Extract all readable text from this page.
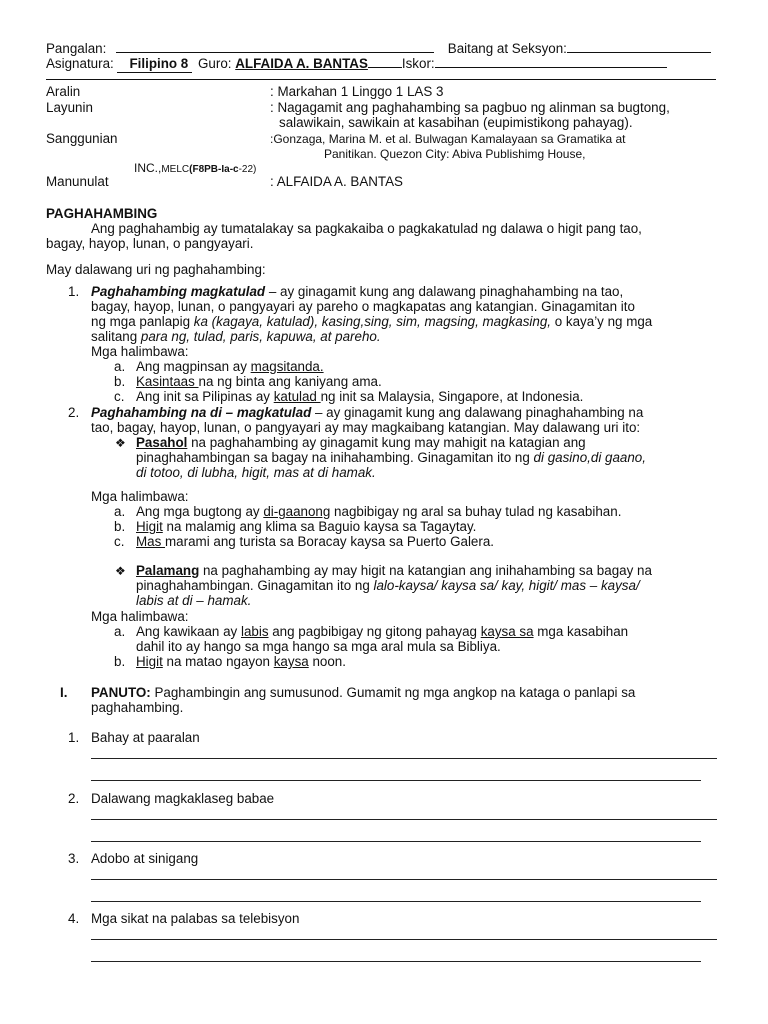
Pangalan:	Baitang at Seksyon:
Asignatura: Filipino 8 Guro: ALFAIDA A. BANTAS	Iskor:
Aralin	: Markahan 1 Linggo 1 LAS 3
Layunin	: Nagagamit ang paghahambing sa pagbuo ng alinman sa bugtong,
salawikain, sawikain at kasabihan (eupimistikong pahayag).
Sanggunian	:Gonzaga, Marina M. et al. Bulwagan Kamalayaan sa Gramatika at
Panitikan. Quezon City: Abiva Publishimg House,
INC.,MELC(F8PB-Ia-c-22)
Manunulat	: ALFAIDA A. BANTAS
PAGHAHAMBING
Ang paghahambig ay tumatalakay sa pagkakaiba o pagkakatulad ng dalawa o higit pang tao,
bagay, hayop, lunan, o pangyayari.
May dalawang uri ng paghahambing:
1. Paghahambing magkatulad – ay ginagamit kung ang dalawang pinaghahambing na tao,
bagay, hayop, lunan, o pangyayari ay pareho o magkapatas ang katangian. Ginagamitan ito
ng mga panlapig ka (kagaya, katulad), kasing,sing, sim, magsing, magkasing, o kaya’y ng mga
salitang para ng, tulad, paris, kapuwa, at pareho.
Mga halimbawa:
a. Ang magpinsan ay magsitanda.
b. Kasintaas na ng binta ang kaniyang ama.
c. Ang init sa Pilipinas ay katulad ng init sa Malaysia, Singapore, at Indonesia.
2. Paghahambing na di – magkatulad – ay ginagamit kung ang dalawang pinaghahambing na
tao, bagay, hayop, lunan, o pangyayari ay may magkaibang katangian. May dalawang uri ito:
❖ Pasahol na paghahambing ay ginagamit kung may mahigit na katagian ang
pinaghahambingan sa bagay na inihahambing. Ginagamitan ito ng di gasino,di gaano,
di totoo, di lubha, higit, mas at di hamak.
Mga halimbawa:
a. Ang mga bugtong ay di-gaanong nagbibigay ng aral sa buhay tulad ng kasabihan.
b. Higit na malamig ang klima sa Baguio kaysa sa Tagaytay.
c. Mas marami ang turista sa Boracay kaysa sa Puerto Galera.
❖ Palamang na paghahambing ay may higit na katangian ang inihahambing sa bagay na
pinaghahambingan. Ginagamitan ito ng lalo-kaysa/ kaysa sa/ kay, higit/ mas – kaysa/
labis at di – hamak.
Mga halimbawa:
a. Ang kawikaan ay labis ang pagbibigay ng gitong pahayag kaysa sa mga kasabihan
dahil ito ay hango sa mga hango sa mga aral mula sa Bibliya.
b. Higit na matao ngayon kaysa noon.
I. PANUTO: Paghambingin ang sumusunod. Gumamit ng mga angkop na kataga o panlapi sa
paghahambing.
1. Bahay at paaralan
2. Dalawang magkaklaseg babae
3. Adobo at sinigang
4. Mga sikat na palabas sa telebisyon
